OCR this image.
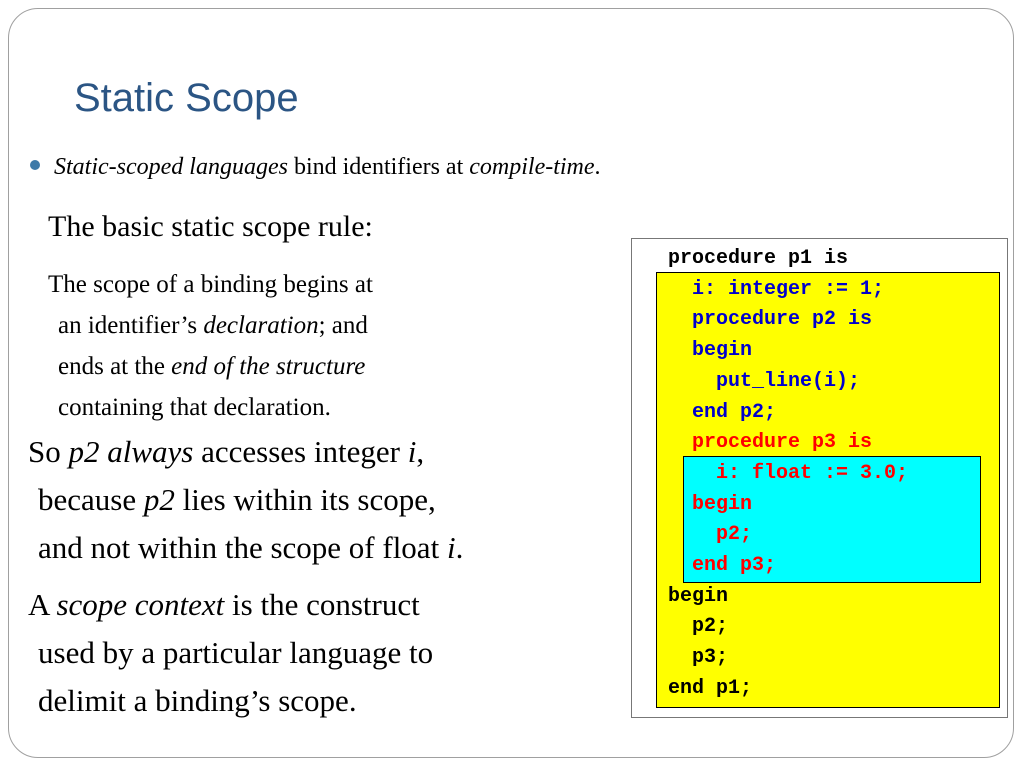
Static Scope
Static-scoped languages bind identifiers at compile-time.
The basic static scope rule:
The scope of a binding begins at
an identifier’s declaration; and
ends at the end of the structure
containing that declaration.
So p2 always accesses integer i,
because p2 lies within its scope,
and not within the scope of float i.
A scope context is the construct
used by a particular language to
delimit a binding’s scope.
procedure p1 is
i: integer := 1;
procedure p2 is
begin
put_line(i);
end p2;
procedure p3 is
i: float := 3.0;
begin
p2;
end p3;
begin
p2;
p3;
end p1;
